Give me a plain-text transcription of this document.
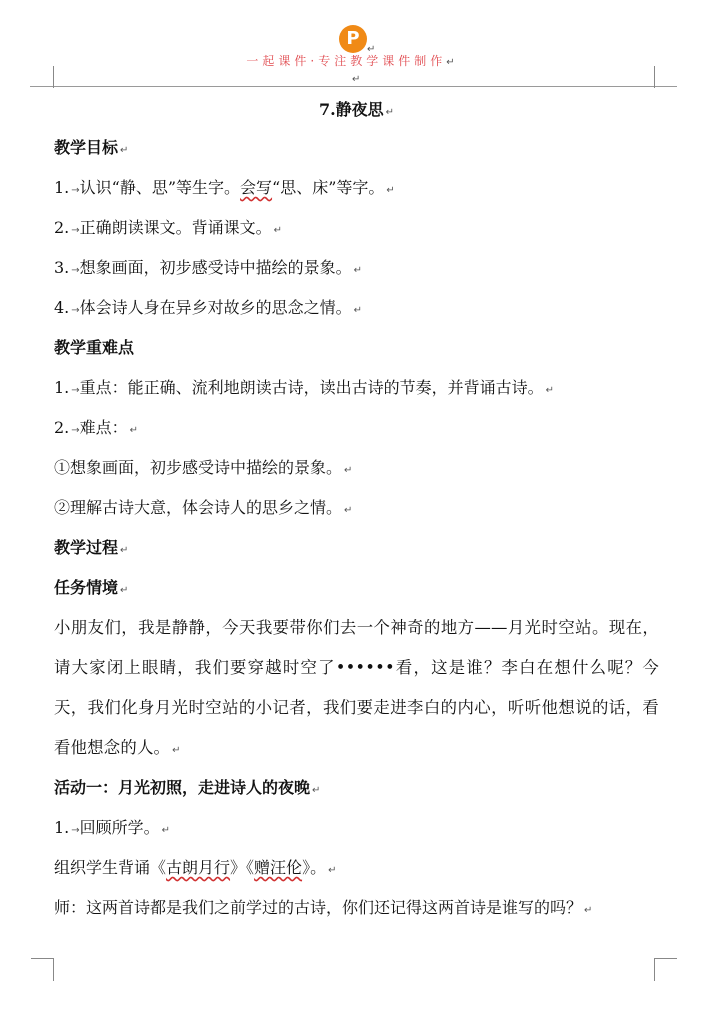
P
一起课件·专注教学课件制作↵
↵
↵
7.静夜思 ↵
教学目标 ↵
1. →认识“静、思”等生字。会写“思、床”等字。 ↵
2. →正确朗读课文。背诵课文。 ↵
3. →想象画面，初步感受诗中描绘的景象。 ↵
4. →体会诗人身在异乡对故乡的思念之情。 ↵
教学重难点
1. →重点：能正确、流利地朗读古诗，读出古诗的节奏，并背诵古诗。 ↵
2. →难点： ↵
①想象画面，初步感受诗中描绘的景象。 ↵
②理解古诗大意，体会诗人的思乡之情。 ↵
教学过程 ↵
任务情境 ↵
小朋友们，我是静静，今天我要带你们去一个神奇的地方——月光时空站。现在，请大家闭上眼睛，我们要穿越时空了••••••看，这是谁？李白在想什么呢？今天，我们化身月光时空站的小记者，我们要走进李白的内心，听听他想说的话，看看他想念的人。 ↵
活动一：月光初照，走进诗人的夜晚 ↵
1. →回顾所学。 ↵
组织学生背诵《古朗月行》《赠汪伦》。 ↵
师：这两首诗都是我们之前学过的古诗，你们还记得这两首诗是谁写的吗？ ↵
